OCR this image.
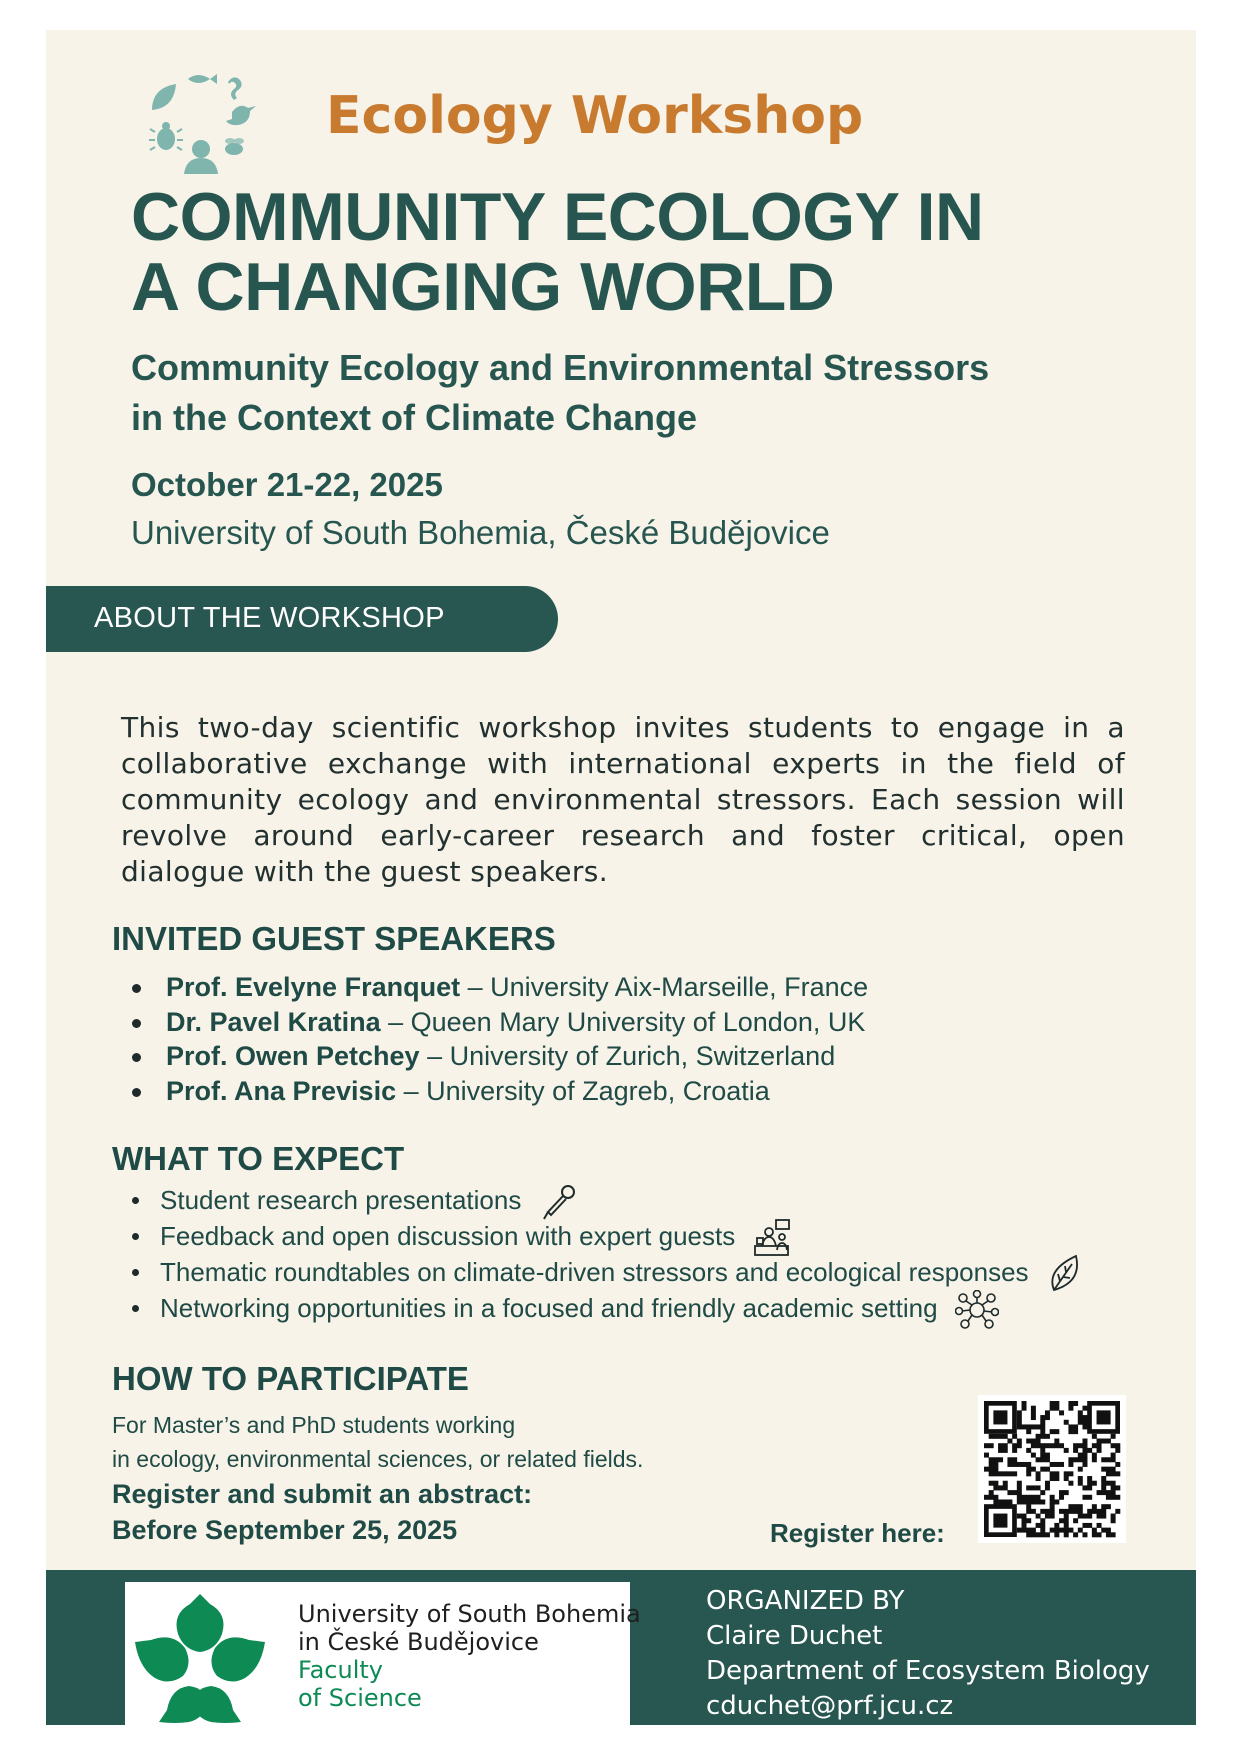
Ecology Workshop
COMMUNITY ECOLOGY IN
A CHANGING WORLD
Community Ecology and Environmental Stressors
in the Context of Climate Change
October 21-22, 2025
University of South Bohemia, České Budějovice
ABOUT THE WORKSHOP

This two-day scientific workshop invites students to engage in a collaborative exchange with international experts in the field of community ecology and environmental stressors. Each session will revolve around early-career research and foster critical, open dialogue with the guest speakers.

INVITED GUEST SPEAKERS
Prof. Evelyne Franquet – University Aix-Marseille, France
Dr. Pavel Kratina – Queen Mary University of London, UK
Prof. Owen Petchey – University of Zurich, Switzerland
Prof. Ana Previsic – University of Zagreb, Croatia
WHAT TO EXPECT
Student research presentations
Feedback and open discussion with expert guests
Thematic roundtables on climate-driven stressors and ecological responses
Networking opportunities in a focused and friendly academic setting
HOW TO PARTICIPATE

For Master’s and PhD students working
in ecology, environmental sciences, or related fields.

Register and submit an abstract:
Before September 25, 2025	Register here:
University of South Bohemia
in České Budějovice
Faculty
of Science
ORGANIZED BY
Claire Duchet
Department of Ecosystem Biology
cduchet@prf.jcu.cz
